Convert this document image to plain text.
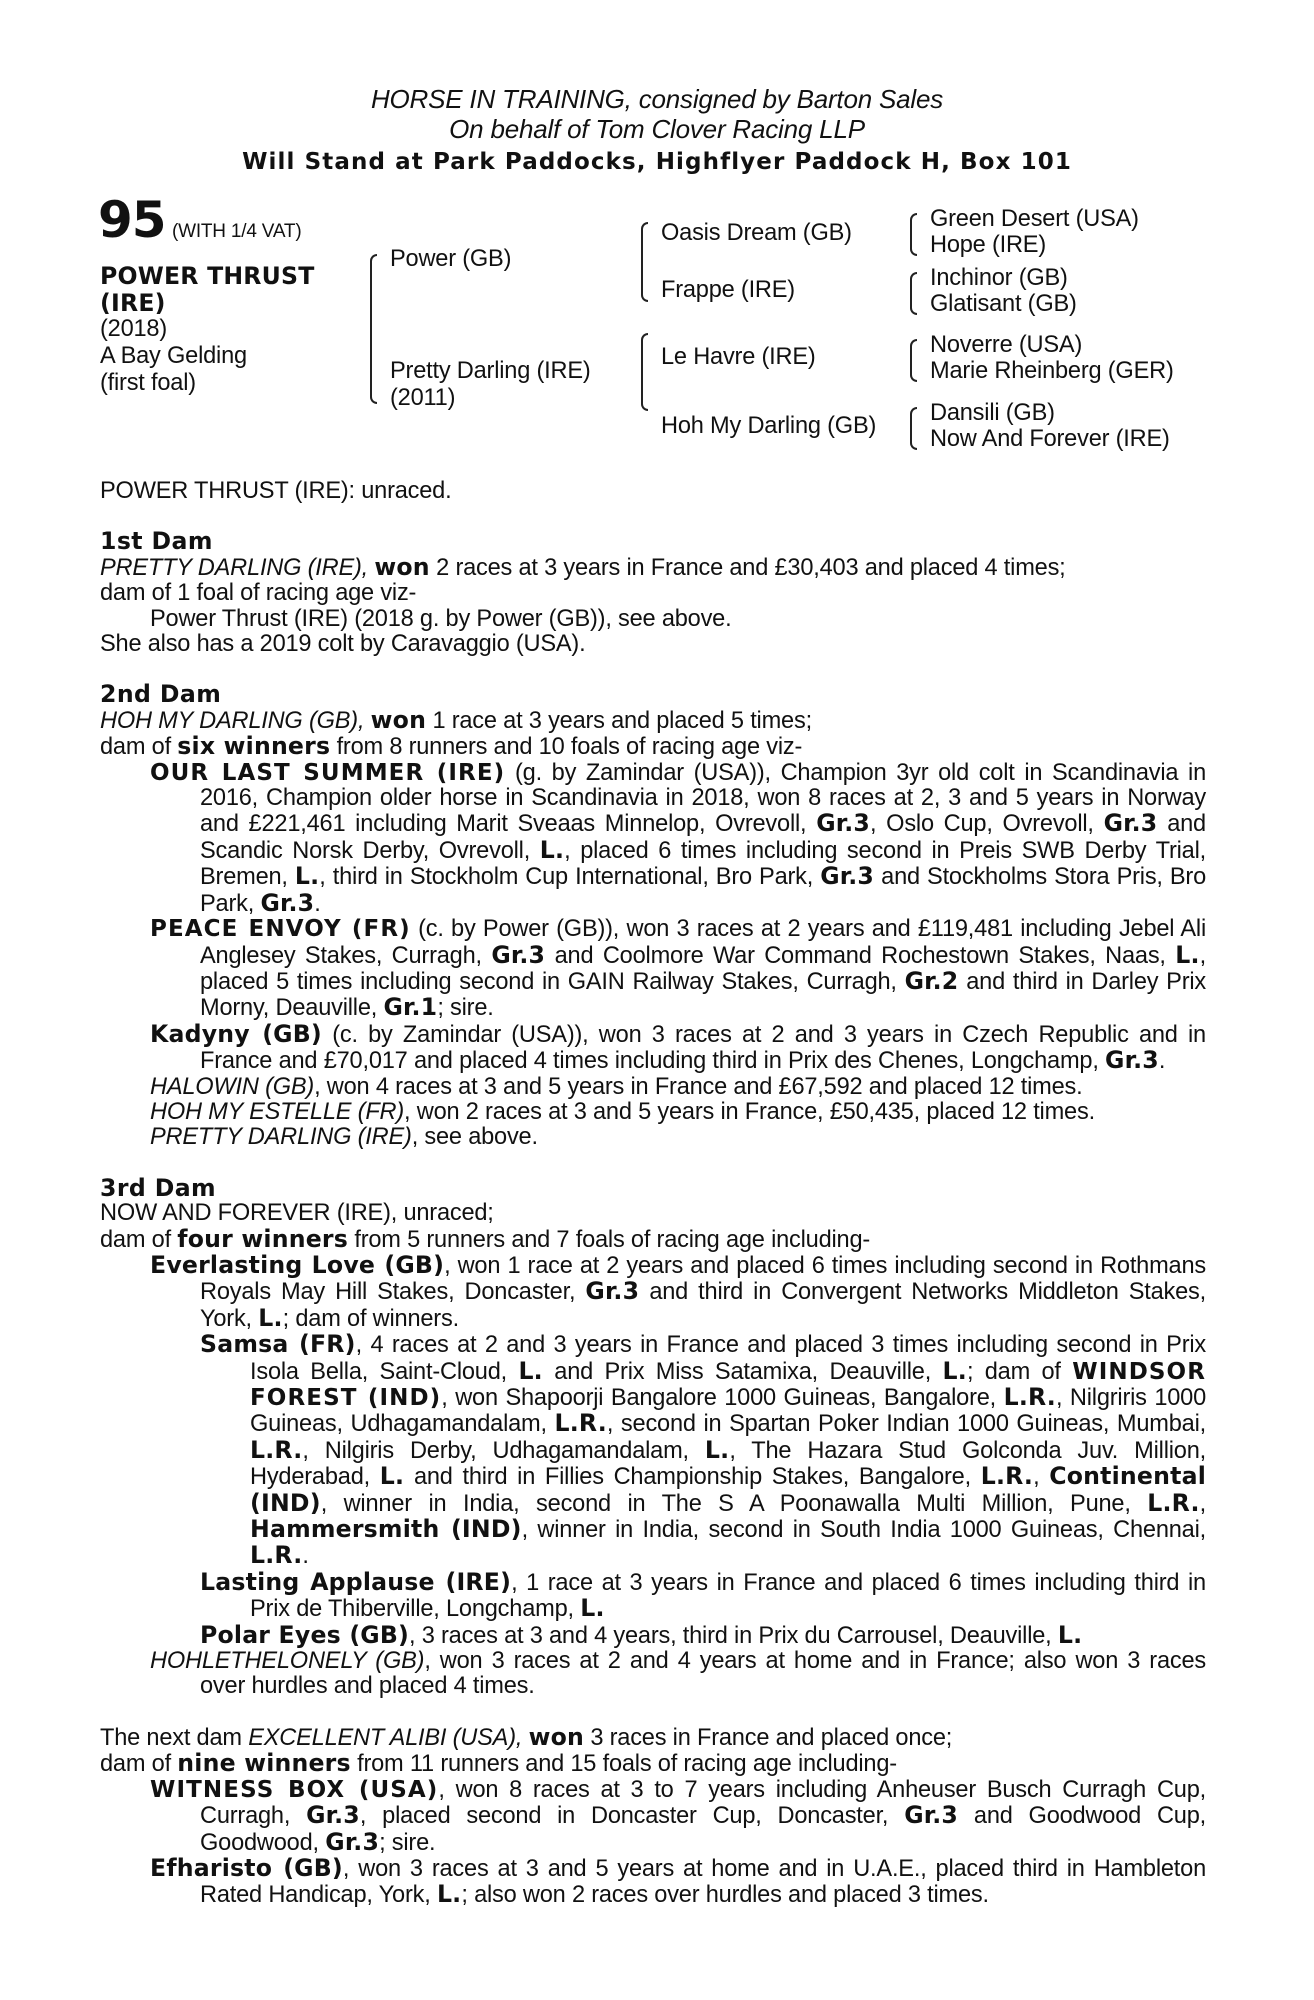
HORSE IN TRAINING, consigned by Barton Sales
On behalf of Tom Clover Racing LLP
Will Stand at Park Paddocks, Highflyer Paddock H, Box 101
95 (WITH 1/4 VAT)
POWER THRUST
(IRE)
(2018)
A Bay Gelding
(first foal)
Power (GB)
Pretty Darling (IRE)
(2011)
Oasis Dream (GB)
Frappe (IRE)
Le Havre (IRE)
Hoh My Darling (GB)
Green Desert (USA)
Hope (IRE)
Inchinor (GB)
Glatisant (GB)
Noverre (USA)
Marie Rheinberg (GER)
Dansili (GB)
Now And Forever (IRE)

POWER THRUST (IRE): unraced.

1st Dam

PRETTY DARLING (IRE), won 2 races at 3 years in France and £30,403 and placed 4 times;

dam of 1 foal of racing age viz-

Power Thrust (IRE) (2018 g. by Power (GB)), see above.

She also has a 2019 colt by Caravaggio (USA).

2nd Dam

HOH MY DARLING (GB), won 1 race at 3 years and placed 5 times;

dam of six winners from 8 runners and 10 foals of racing age viz-

OUR LAST SUMMER (IRE) (g. by Zamindar (USA)), Champion 3yr old colt in Scandinavia in 2016, Champion older horse in Scandinavia in 2018, won 8 races at 2, 3 and 5 years in Norway and £221,461 including Marit Sveaas Minnelop, Ovrevoll, Gr.3, Oslo Cup, Ovrevoll, Gr.3 and Scandic Norsk Derby, Ovrevoll, L., placed 6 times including second in Preis SWB Derby Trial, Bremen, L., third in Stockholm Cup International, Bro Park, Gr.3 and Stockholms Stora Pris, Bro Park, Gr.3.

PEACE ENVOY (FR) (c. by Power (GB)), won 3 races at 2 years and £119,481 including Jebel Ali Anglesey Stakes, Curragh, Gr.3 and Coolmore War Command Rochestown Stakes, Naas, L., placed 5 times including second in GAIN Railway Stakes, Curragh, Gr.2 and third in Darley Prix Morny, Deauville, Gr.1; sire.

Kadyny (GB) (c. by Zamindar (USA)), won 3 races at 2 and 3 years in Czech Republic and in France and £70,017 and placed 4 times including third in Prix des Chenes, Longchamp, Gr.3.

HALOWIN (GB), won 4 races at 3 and 5 years in France and £67,592 and placed 12 times.

HOH MY ESTELLE (FR), won 2 races at 3 and 5 years in France, £50,435, placed 12 times.

PRETTY DARLING (IRE), see above.

3rd Dam

NOW AND FOREVER (IRE), unraced;

dam of four winners from 5 runners and 7 foals of racing age including-

Everlasting Love (GB), won 1 race at 2 years and placed 6 times including second in Rothmans Royals May Hill Stakes, Doncaster, Gr.3 and third in Convergent Networks Middleton Stakes, York, L.; dam of winners.

Samsa (FR), 4 races at 2 and 3 years in France and placed 3 times including second in Prix Isola Bella, Saint-Cloud, L. and Prix Miss Satamixa, Deauville, L.; dam of WINDSOR FOREST (IND), won Shapoorji Bangalore 1000 Guineas, Bangalore, L.R., Nilgriris 1000 Guineas, Udhagamandalam, L.R., second in Spartan Poker Indian 1000 Guineas, Mumbai, L.R., Nilgiris Derby, Udhagamandalam, L., The Hazara Stud Golconda Juv. Million, Hyderabad, L. and third in Fillies Championship Stakes, Bangalore, L.R., Continental (IND), winner in India, second in The S A Poonawalla Multi Million, Pune, L.R., Hammersmith (IND), winner in India, second in South India 1000 Guineas, Chennai, L.R..

Lasting Applause (IRE), 1 race at 3 years in France and placed 6 times including third in Prix de Thiberville, Longchamp, L.

Polar Eyes (GB), 3 races at 3 and 4 years, third in Prix du Carrousel, Deauville, L.

HOHLETHELONELY (GB), won 3 races at 2 and 4 years at home and in France; also won 3 races over hurdles and placed 4 times.

The next dam EXCELLENT ALIBI (USA), won 3 races in France and placed once;

dam of nine winners from 11 runners and 15 foals of racing age including-

WITNESS BOX (USA), won 8 races at 3 to 7 years including Anheuser Busch Curragh Cup, Curragh, Gr.3, placed second in Doncaster Cup, Doncaster, Gr.3 and Goodwood Cup, Goodwood, Gr.3; sire.

Efharisto (GB), won 3 races at 3 and 5 years at home and in U.A.E., placed third in Hambleton Rated Handicap, York, L.; also won 2 races over hurdles and placed 3 times.
